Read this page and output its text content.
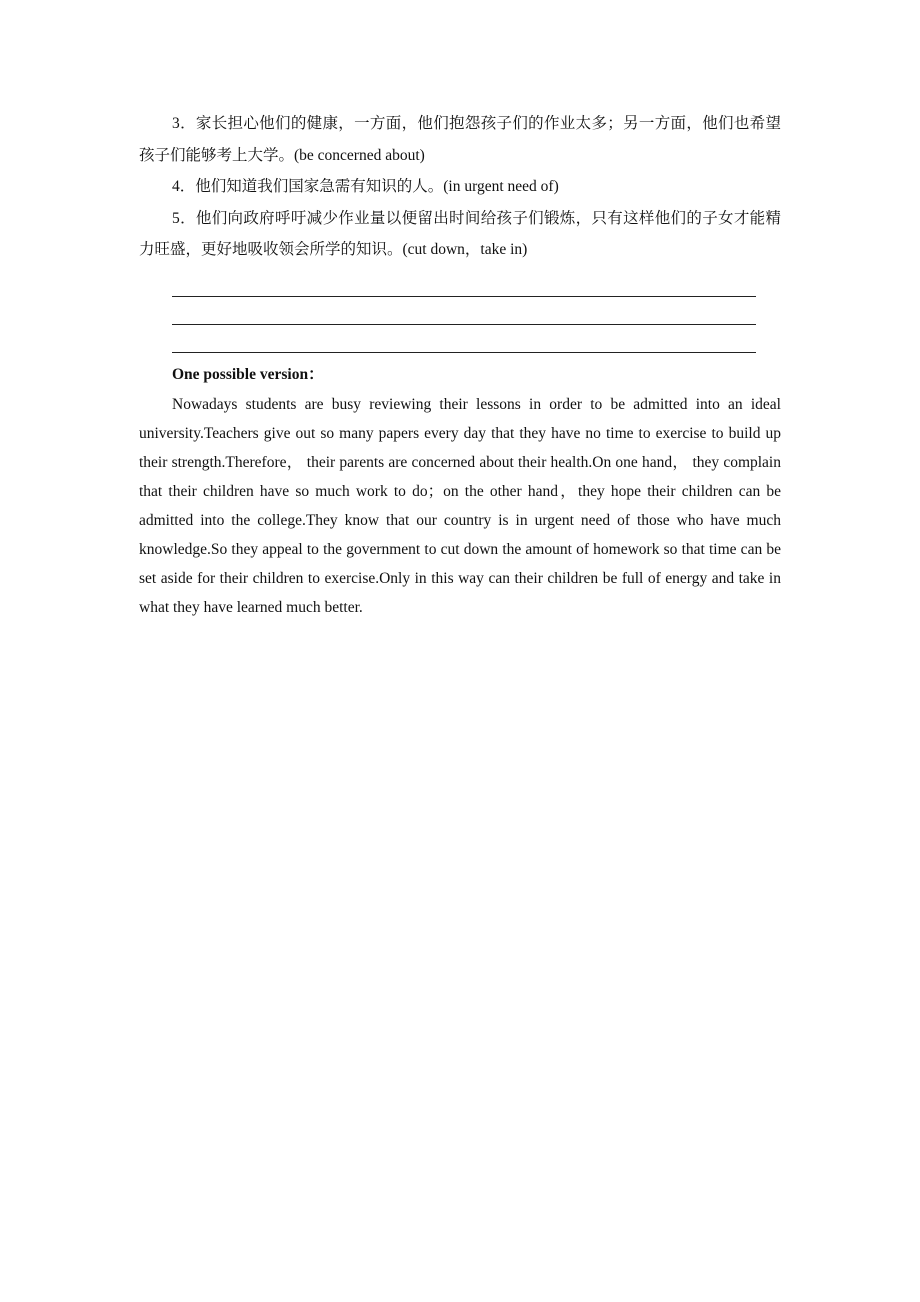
3．家长担心他们的健康，一方面，他们抱怨孩子们的作业太多；另一方面，他们也希望孩子们能够考上大学。(be concerned about)

4．他们知道我们国家急需有知识的人。(in urgent need of)

5．他们向政府呼吁减少作业量以便留出时间给孩子们锻炼，只有这样他们的子女才能精力旺盛，更好地吸收领会所学的知识。(cut down，take in)

One possible version：

Nowadays students are busy reviewing their lessons in order to be admitted into an ideal university.Teachers give out so many papers every day that they have no time to exercise to build up their strength.Therefore， their parents are concerned about their health.On one hand， they complain that their children have so much work to do；on the other hand，they hope their children can be admitted into the college.They know that our country is in urgent need of those who have much knowledge.So they appeal to the government to cut down the amount of homework so that time can be set aside for their children to exercise.Only in this way can their children be full of energy and take in what they have learned much better.
